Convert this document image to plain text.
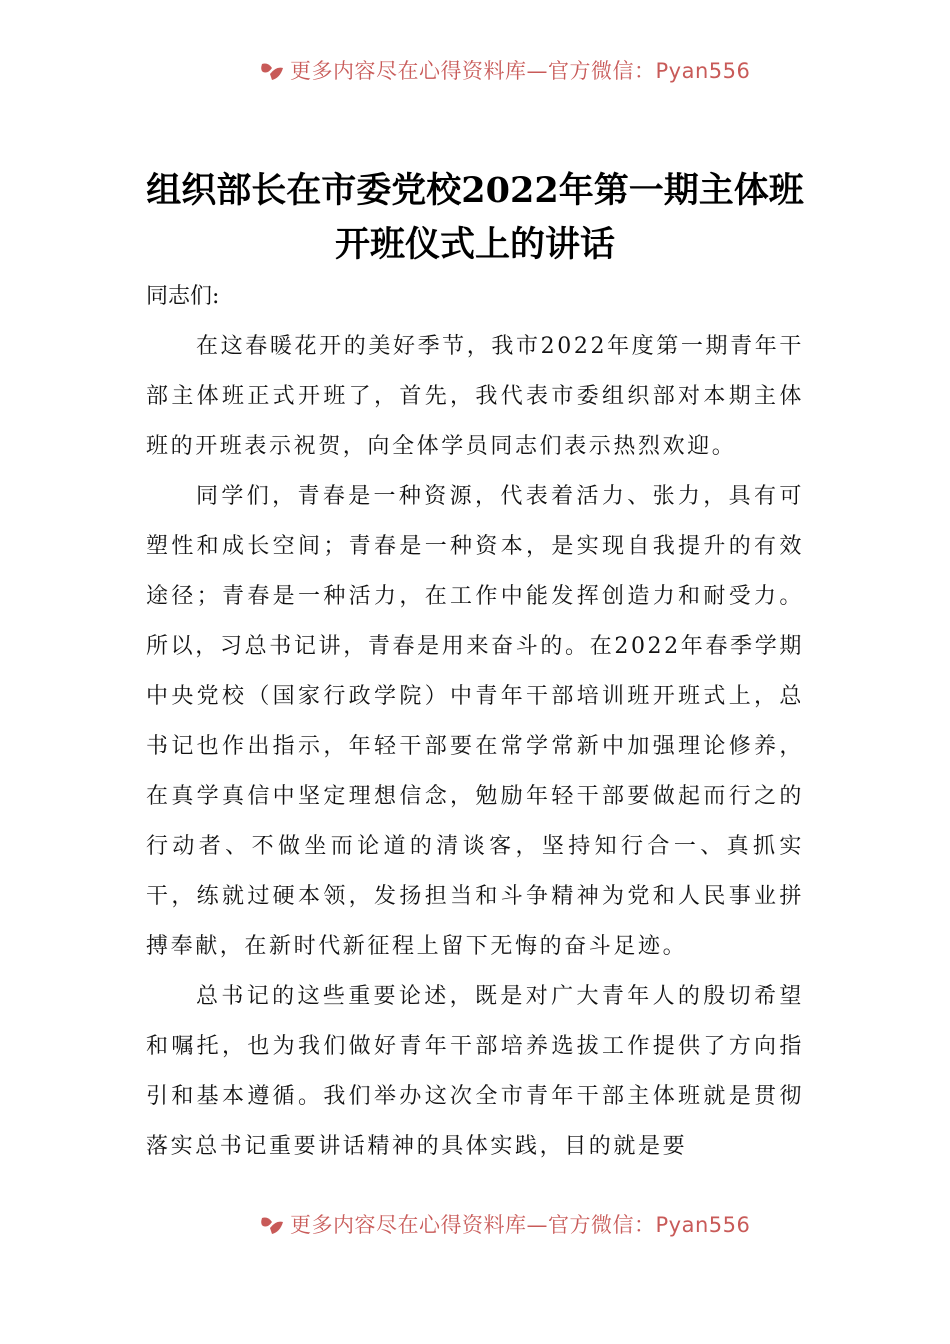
更多内容尽在心得资料库—官方微信：Pyan556
组织部长在市委党校2022年第一期主体班
开班仪式上的讲话

同志们:

在这春暖花开的美好季节，我市2022年度第一期青年干部主体班正式开班了，首先，我代表市委组织部对本期主体班的开班表示祝贺，向全体学员同志们表示热烈欢迎。

同学们，青春是一种资源，代表着活力、张力，具有可塑性和成长空间；青春是一种资本，是实现自我提升的有效途径；青春是一种活力，在工作中能发挥创造力和耐受力。所以，习总书记讲，青春是用来奋斗的。在2022年春季学期中央党校（国家行政学院）中青年干部培训班开班式上，总书记也作出指示，年轻干部要在常学常新中加强理论修养，在真学真信中坚定理想信念，勉励年轻干部要做起而行之的行动者、不做坐而论道的清谈客，坚持知行合一、真抓实干，练就过硬本领，发扬担当和斗争精神为党和人民事业拼搏奉献，在新时代新征程上留下无悔的奋斗足迹。

总书记的这些重要论述，既是对广大青年人的殷切希望和嘱托，也为我们做好青年干部培养选拔工作提供了方向指引和基本遵循。我们举办这次全市青年干部主体班就是贯彻落实总书记重要讲话精神的具体实践，目的就是要

更多内容尽在心得资料库—官方微信：Pyan556
